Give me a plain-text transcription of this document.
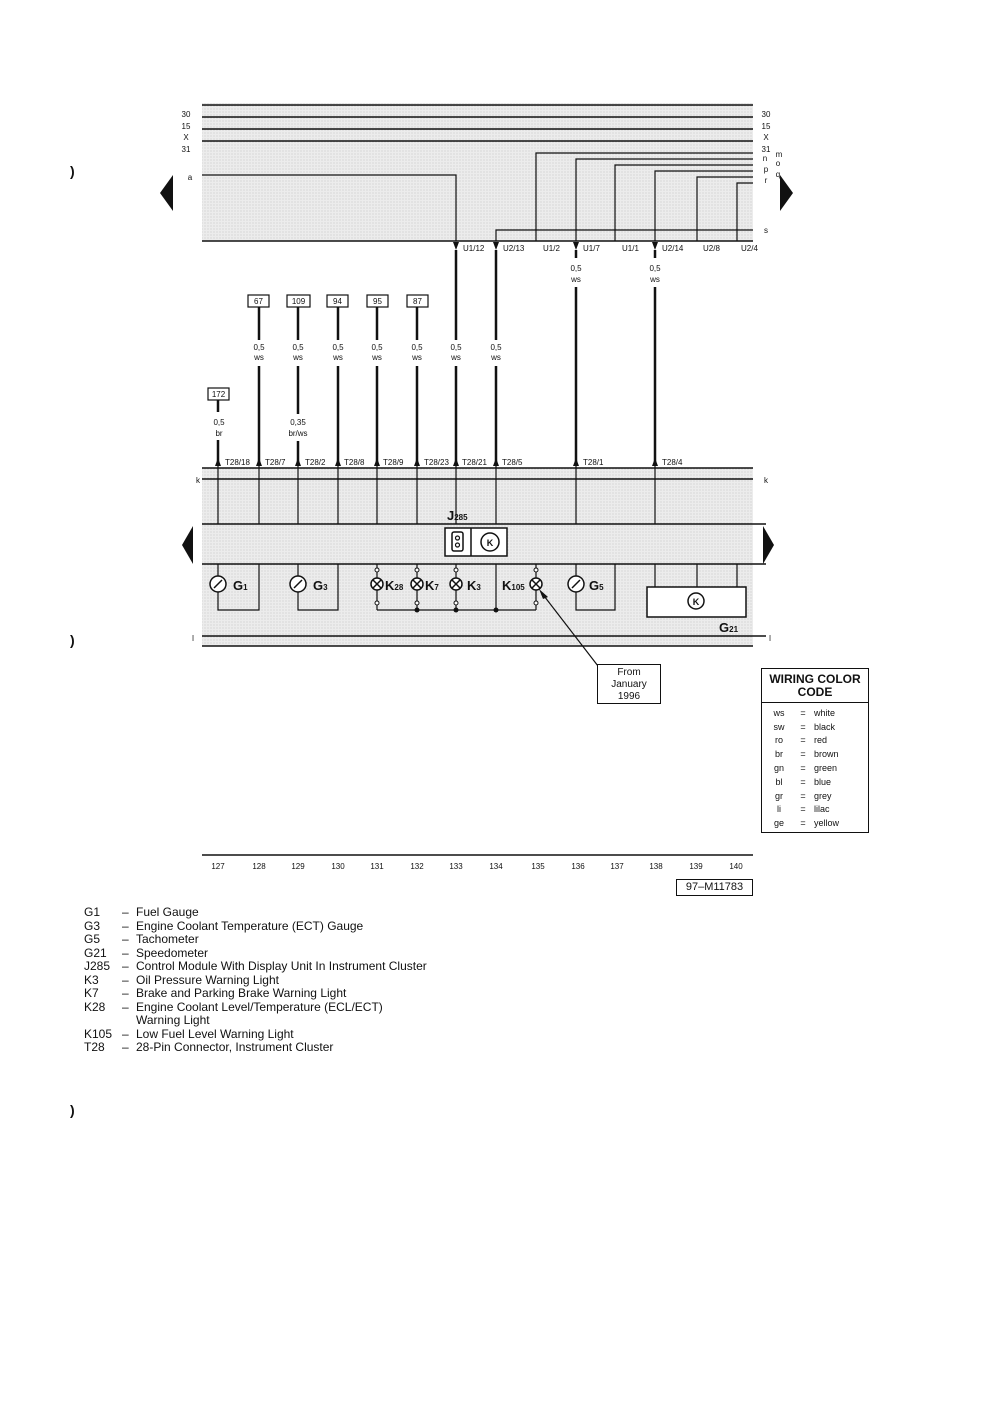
30
15
X
31
a
30
15
X
31
m
n
o
p
q
r
s
U1/12 U2/13 U1/2	U1/7	U1/1	U2/14 U2/8	U2/4
172
67	109	94	95	87
0,5
ws
0,5
ws
0,5
br
0,5
ws
0,35
br/ws
0,5
ws
0,5
ws
0,5
ws
0,5
ws
0,5
ws
0,5
ws
T28/18 T28/7 T28/2 T28/8 T28/9	T28/23 T28/21 T28/5	T28/1	T28/4
k	k
l	l
K
J285
G1	G3	K28 K7 K3 K105	G5
K
G21
127	128	129	130	131	132	133	134	135	136	137	138	139	140
From
January
1996
WIRING COLOR
CODE
ws	= white
sw	= black
ro	= red
br	= brown
gn	= green
bl	= blue
gr	= grey
li	= lilac
ge	= yellow
97–M11783
G1	– Fuel Gauge
G3	– Engine Coolant Temperature (ECT) Gauge
G5	– Tachometer
G21	– Speedometer
J285 – Control Module With Display Unit In Instrument Cluster
K3	– Oil Pressure Warning Light
K7	– Brake and Parking Brake Warning Light
K28	– Engine Coolant Level/Temperature (ECL/ECT)
Warning Light
K105 – Low Fuel Level Warning Light
T28	– 28-Pin Connector, Instrument Cluster
)
)
)
